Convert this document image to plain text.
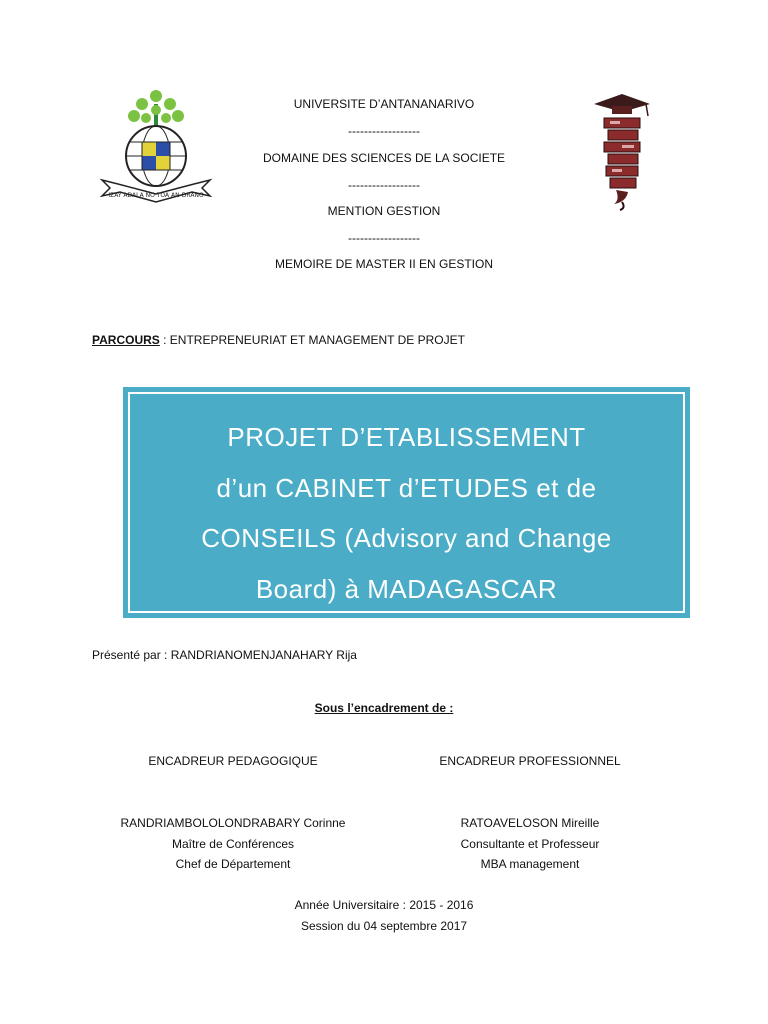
IZAY ADALA NO TOA AN-DRANO
UNIVERSITE D’ANTANANARIVO
------------------
DOMAINE DES SCIENCES DE LA SOCIETE
------------------
MENTION GESTION
------------------
MEMOIRE DE MASTER II EN GESTION
PARCOURS : ENTREPRENEURIAT ET MANAGEMENT DE PROJET
PROJET D’ETABLISSEMENT
d’un CABINET d’ETUDES et de
CONSEILS (Advisory and Change
Board) à MADAGASCAR
Présenté par : RANDRIANOMENJANAHARY Rija
Sous l’encadrement de :
ENCADREUR PEDAGOGIQUE	ENCADREUR PROFESSIONNEL
RANDRIAMBOLOLONDRABARY Corinne
Maître de Conférences
Chef de Département
RATOAVELOSON Mireille
Consultante et Professeur
MBA management
Année Universitaire : 2015 - 2016
Session du 04 septembre 2017
